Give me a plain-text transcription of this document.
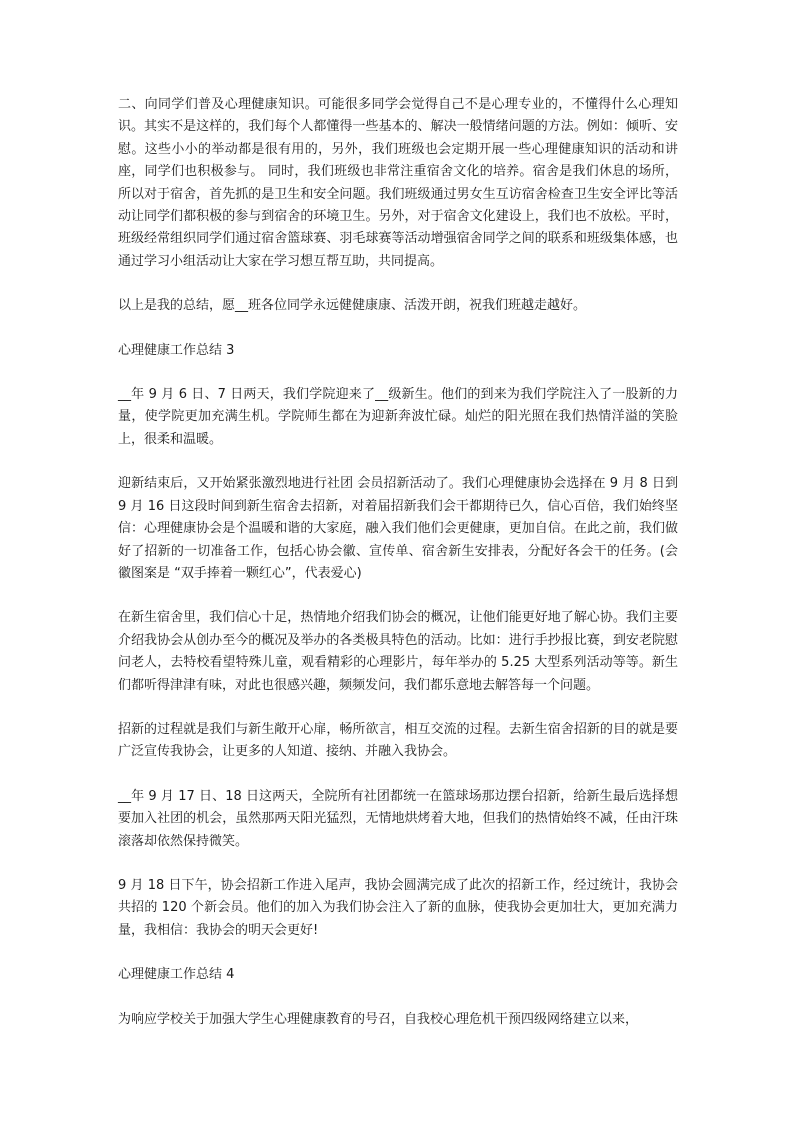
二、向同学们普及心理健康知识。可能很多同学会觉得自己不是心理专业的，不懂得什么心理知识。其实不是这样的，我们每个人都懂得一些基本的、解决一般情绪问题的方法。例如：倾听、安慰。这些小小的举动都是很有用的，另外，我们班级也会定期开展一些心理健康知识的活动和讲座，同学们也积极参与。 同时，我们班级也非常注重宿舍文化的培养。宿舍是我们休息的场所，所以对于宿舍，首先抓的是卫生和安全问题。我们班级通过男女生互访宿舍检查卫生安全评比等活动让同学们都积极的参与到宿舍的环境卫生。另外，对于宿舍文化建设上，我们也不放松。平时，班级经常组织同学们通过宿舍篮球赛、羽毛球赛等活动增强宿舍同学之间的联系和班级集体感，也通过学习小组活动让大家在学习想互帮互助，共同提高。

以上是我的总结，愿__班各位同学永远健健康康、活泼开朗，祝我们班越走越好。

心理健康工作总结 3

__年 9 月 6 日、7 日两天，我们学院迎来了__级新生。他们的到来为我们学院注入了一股新的力量，使学院更加充满生机。学院师生都在为迎新奔波忙碌。灿烂的阳光照在我们热情洋溢的笑脸上，很柔和温暖。

迎新结束后，又开始紧张激烈地进行社团 会员招新活动了。我们心理健康协会选择在 9 月 8 日到 9 月 16 日这段时间到新生宿舍去招新，对着届招新我们会干都期待已久，信心百倍，我们始终坚信：心理健康协会是个温暖和谐的大家庭，融入我们他们会更健康，更加自信。在此之前，我们做好了招新的一切准备工作，包括心协会徽、宣传单、宿舍新生安排表，分配好各会干的任务。(会徽图案是 “双手捧着一颗红心”，代表爱心)

在新生宿舍里，我们信心十足，热情地介绍我们协会的概况，让他们能更好地了解心协。我们主要介绍我协会从创办至今的概况及举办的各类极具特色的活动。比如：进行手抄报比赛，到安老院慰问老人，去特校看望特殊儿童，观看精彩的心理影片，每年举办的 5.25 大型系列活动等等。新生们都听得津津有味，对此也很感兴趣，频频发问，我们都乐意地去解答每一个问题。

招新的过程就是我们与新生敞开心扉，畅所欲言，相互交流的过程。去新生宿舍招新的目的就是要广泛宣传我协会，让更多的人知道、接纳、并融入我协会。

__年 9 月 17 日、18 日这两天，全院所有社团都统一在篮球场那边摆台招新，给新生最后选择想要加入社团的机会，虽然那两天阳光猛烈，无情地烘烤着大地，但我们的热情始终不减，任由汗珠滚落却依然保持微笑。

9 月 18 日下午，协会招新工作进入尾声，我协会圆满完成了此次的招新工作，经过统计，我协会共招的 120 个新会员。他们的加入为我们协会注入了新的血脉，使我协会更加壮大，更加充满力量，我相信：我协会的明天会更好!

心理健康工作总结 4

为响应学校关于加强大学生心理健康教育的号召，自我校心理危机干预四级网络建立以来，
